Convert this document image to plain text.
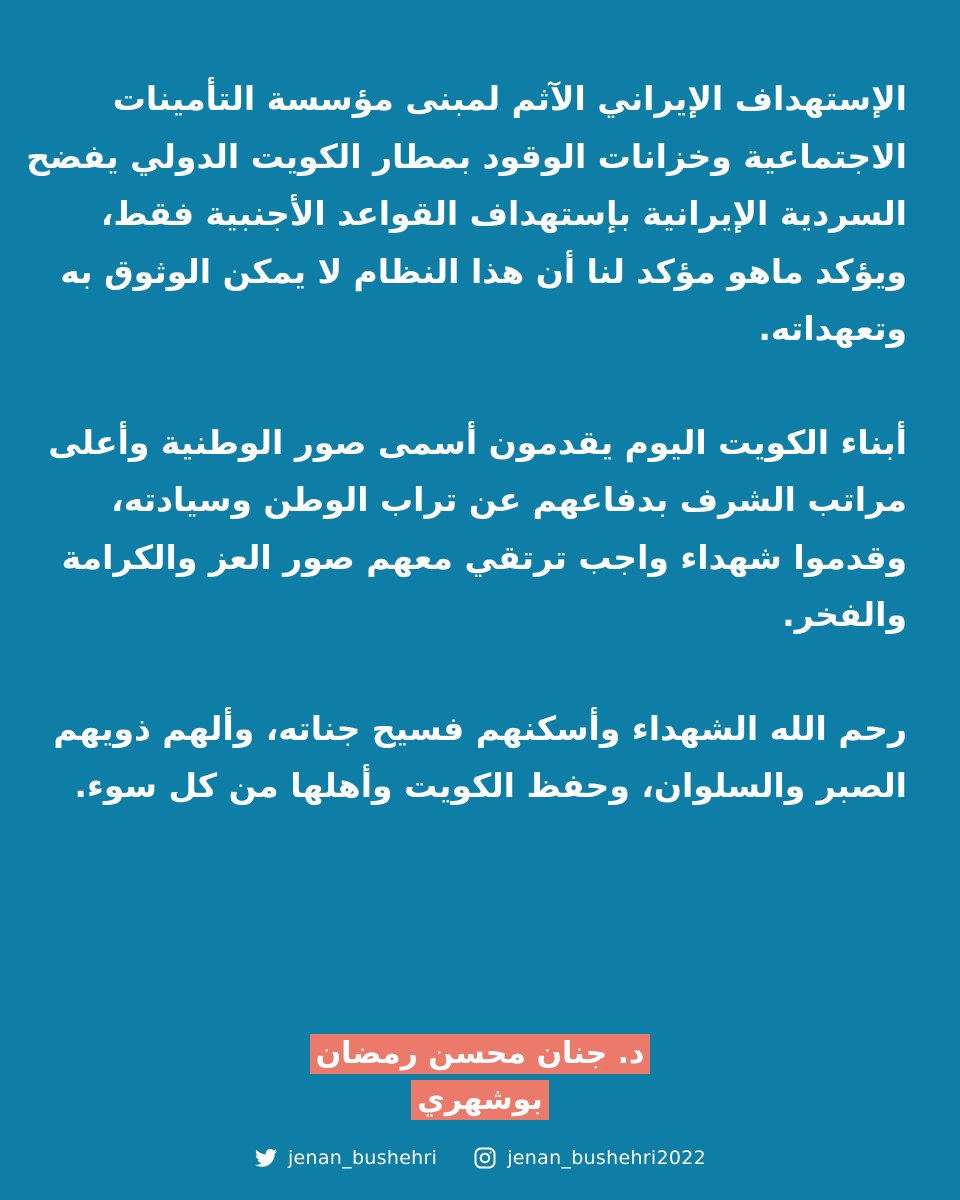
الإستهداف الإيراني الآثم لمبنى مؤسسة التأمينات
الاجتماعية وخزانات الوقود بمطار الكويت الدولي يفضح
السردية الإيرانية بإستهداف القواعد الأجنبية فقط،
ويؤكد ماهو مؤكد لنا أن هذا النظام لا يمكن الوثوق به
وتعهداته.
أبناء الكويت اليوم يقدمون أسمى صور الوطنية وأعلى
مراتب الشرف بدفاعهم عن تراب الوطن وسيادته،
وقدموا شهداء واجب ترتقي معهم صور العز والكرامة
والفخر.
رحم الله الشهداء وأسكنهم فسيح جناته، وألهم ذويهم
الصبر والسلوان، وحفظ الكويت وأهلها من كل سوء.
د. جنان محسن رمضان
بوشهري
jenan_bushehri	jenan_bushehri2022
